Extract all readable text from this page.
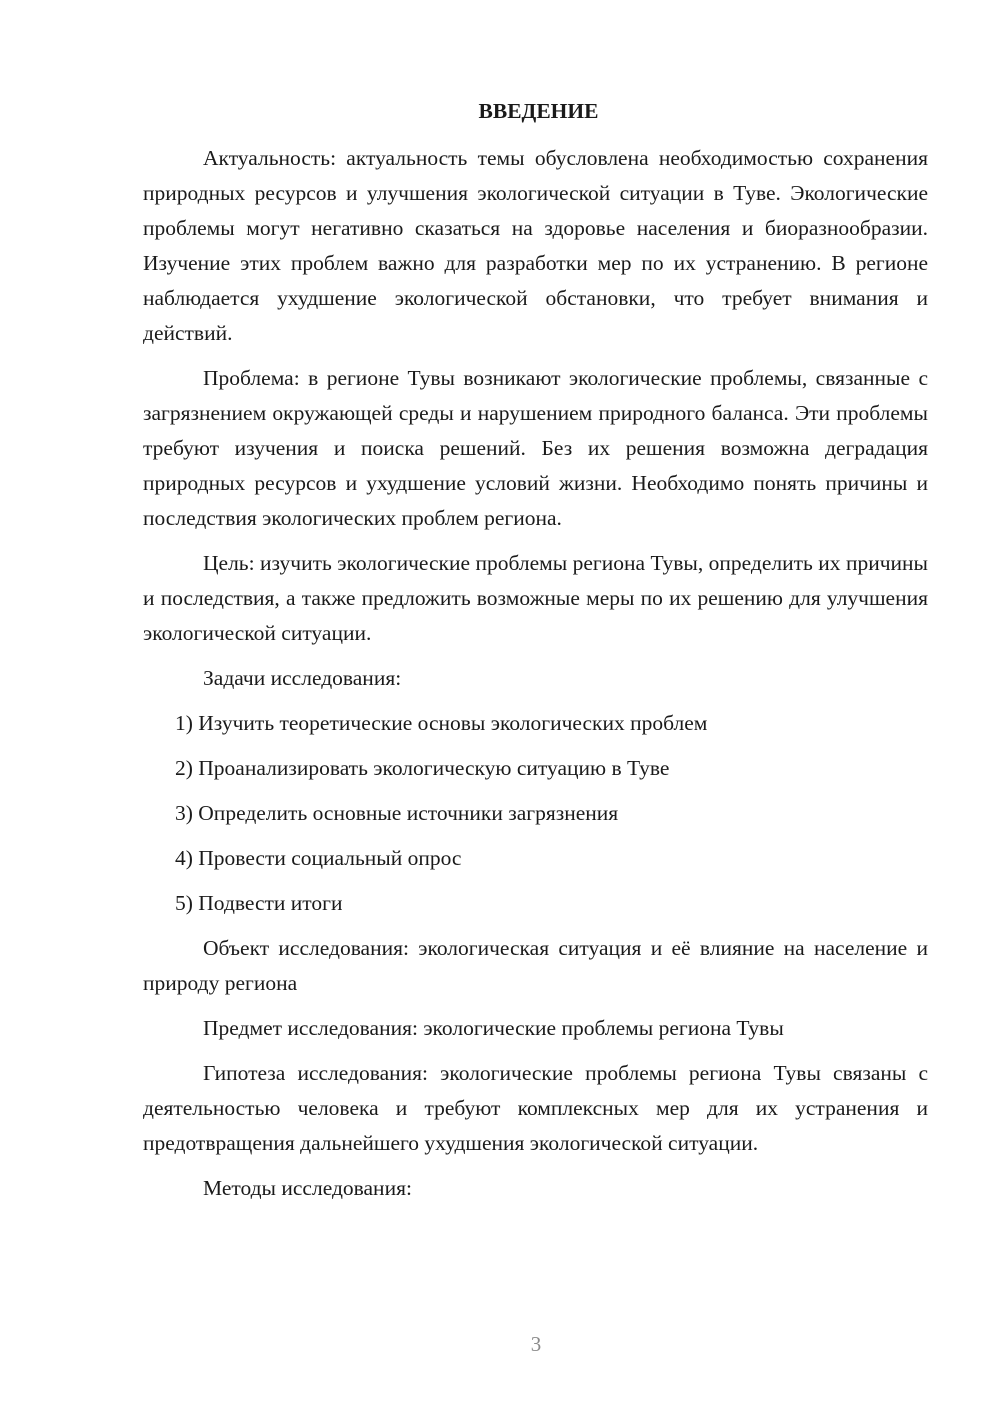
ВВЕДЕНИЕ

Актуальность: актуальность темы обусловлена необходимостью сохранения природных ресурсов и улучшения экологической ситуации в Туве. Экологические проблемы могут негативно сказаться на здоровье населения и биоразнообразии. Изучение этих проблем важно для разработки мер по их устранению. В регионе наблюдается ухудшение экологической обстановки, что требует внимания и действий.

Проблема: в регионе Тувы возникают экологические проблемы, связанные с загрязнением окружающей среды и нарушением природного баланса. Эти проблемы требуют изучения и поиска решений. Без их решения возможна деградация природных ресурсов и ухудшение условий жизни. Необходимо понять причины и последствия экологических проблем региона.

Цель: изучить экологические проблемы региона Тувы, определить их причины и последствия, а также предложить возможные меры по их решению для улучшения экологической ситуации.

Задачи исследования:

1) Изучить теоретические основы экологических проблем
2) Проанализировать экологическую ситуацию в Туве
3) Определить основные источники загрязнения
4) Провести социальный опрос
5) Подвести итоги

Объект исследования: экологическая ситуация и её влияние на население и природу региона

Предмет исследования: экологические проблемы региона Тувы

Гипотеза исследования: экологические проблемы региона Тувы связаны с деятельностью человека и требуют комплексных мер для их устранения и предотвращения дальнейшего ухудшения экологической ситуации.

Методы исследования:

3
